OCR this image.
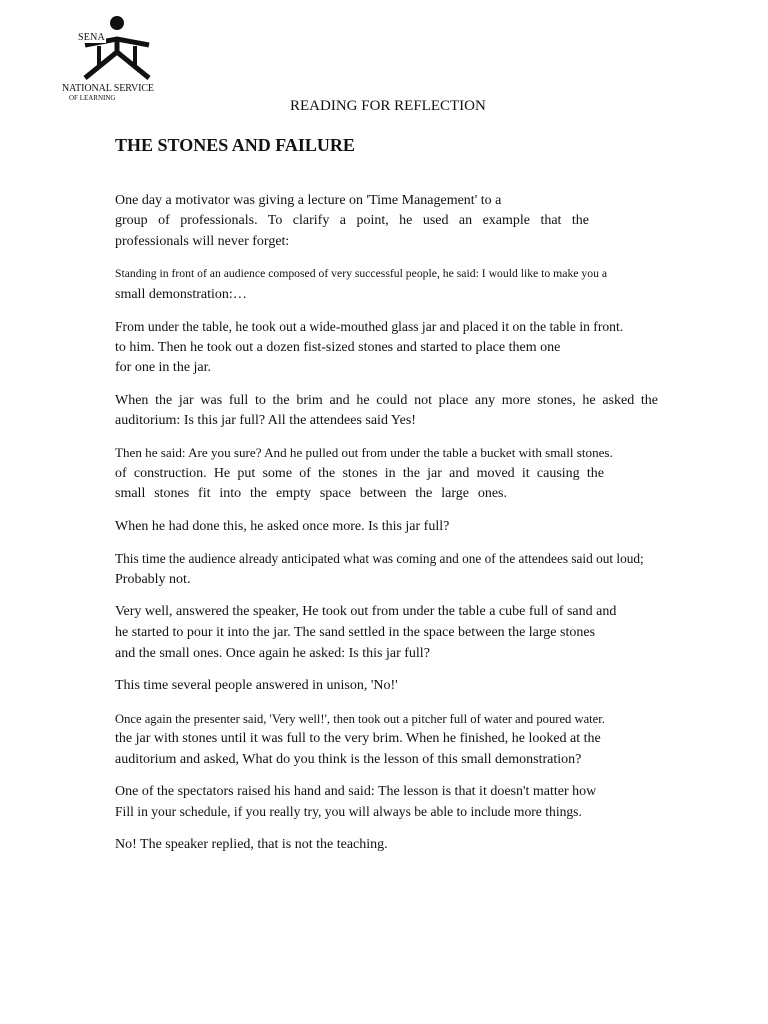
SENA
NATIONAL SERVICE
OF LEARNING	READING FOR REFLECTION
THE STONES AND FAILURE

One day a motivator was giving a lecture on 'Time Management' to a

group of professionals. To clarify a point, he used an example that the

professionals will never forget:

Standing in front of an audience composed of very successful people, he said: I would like to make you a

small demonstration:…

From under the table, he took out a wide-mouthed glass jar and placed it on the table in front.

to him. Then he took out a dozen fist-sized stones and started to place them one

for one in the jar.

When the jar was full to the brim and he could not place any more stones, he asked the

auditorium: Is this jar full? All the attendees said Yes!

Then he said: Are you sure? And he pulled out from under the table a bucket with small stones.

of construction. He put some of the stones in the jar and moved it causing the

small stones fit into the empty space between the large ones.

When he had done this, he asked once more. Is this jar full?

This time the audience already anticipated what was coming and one of the attendees said out loud;

Probably not.

Very well, answered the speaker, He took out from under the table a cube full of sand and

he started to pour it into the jar. The sand settled in the space between the large stones

and the small ones. Once again he asked: Is this jar full?

This time several people answered in unison, 'No!'

Once again the presenter said, 'Very well!', then took out a pitcher full of water and poured water.

the jar with stones until it was full to the very brim. When he finished, he looked at the

auditorium and asked, What do you think is the lesson of this small demonstration?

One of the spectators raised his hand and said: The lesson is that it doesn't matter how

Fill in your schedule, if you really try, you will always be able to include more things.

No! The speaker replied, that is not the teaching.
